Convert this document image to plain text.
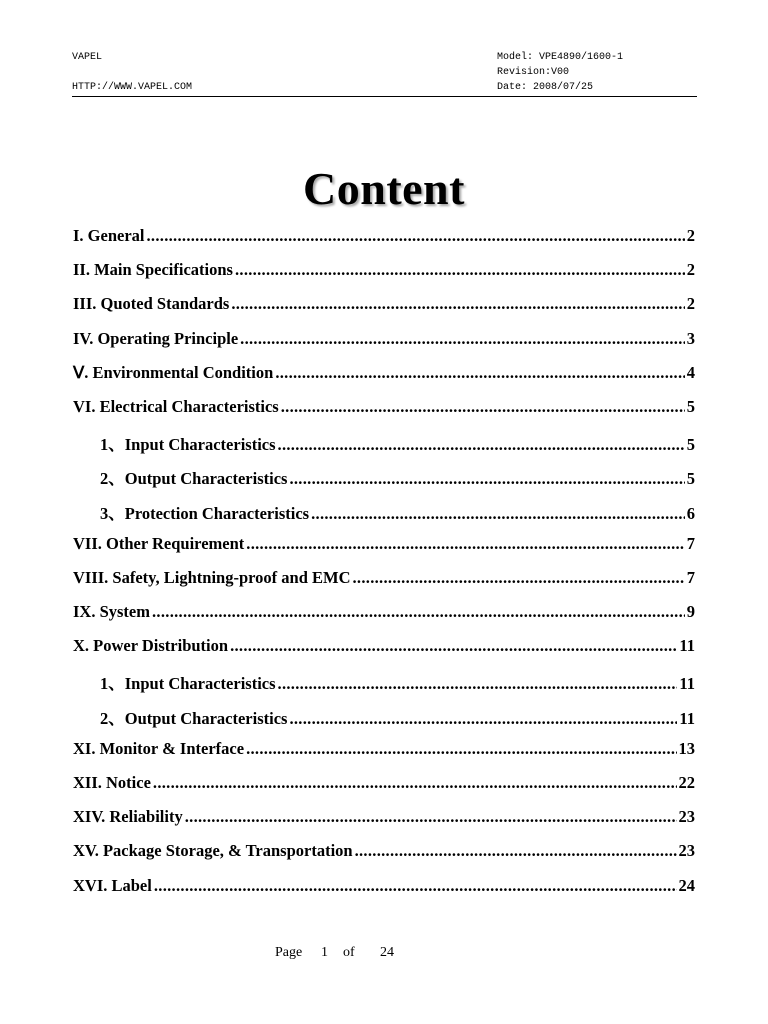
VAPEL
HTTP://WWW.VAPEL.COM
Model: VPE4890/1600-1
Revision:V00
Date: 2008/07/25
Content
I. General .....	2
II. Main Specifications .....	2
III. Quoted Standards .....	2
IV. Operating Principle .....	3
Ⅴ. Environmental Condition .....	4
VI. Electrical Characteristics .....	5
1、Input Characteristics .....	5
2、Output Characteristics .....	5
3、Protection Characteristics .....	6
VII. Other Requirement .....	7
VIII. Safety, Lightning-proof and EMC .....	7
IX. System .....	9
X. Power Distribution .....	11
1、Input Characteristics .....	11
2、Output Characteristics .....	11
XI. Monitor & Interface .....	13
XII. Notice .....	22
XIV. Reliability .....	23
XV. Package Storage, & Transportation .....	23
XVI. Label .....	24
Page 1 of 24
